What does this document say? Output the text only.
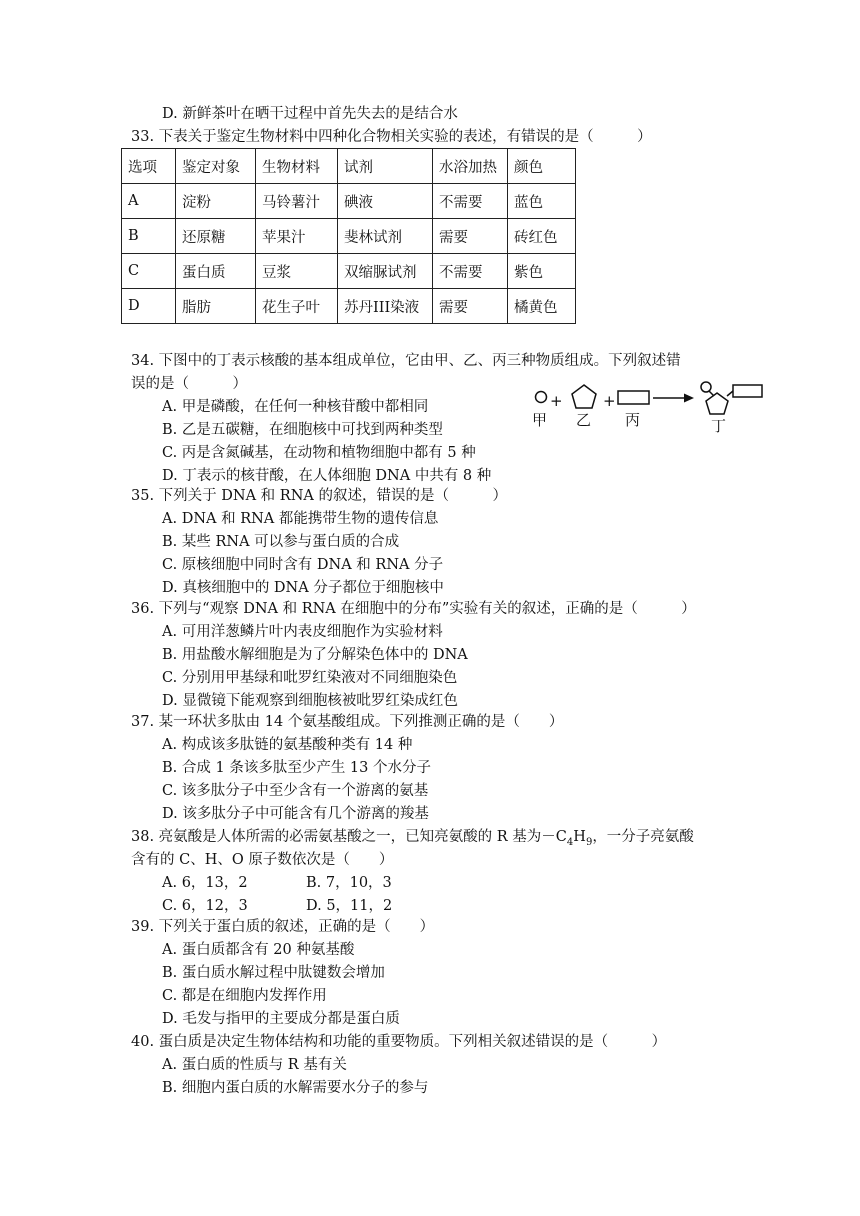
D. 新鲜茶叶在晒干过程中首先失去的是结合水
33. 下表关于鉴定生物材料中四种化合物相关实验的表述，有错误的是（　　　）
选项	鉴定对象	生物材料	试剂	水浴加热	颜色
A	淀粉	马铃薯汁	碘液	不需要	蓝色
B	还原糖	苹果汁	斐林试剂	需要	砖红色
C	蛋白质	豆浆	双缩脲试剂	不需要	紫色
D	脂肪	花生子叶	苏丹III染液	需要	橘黄色
34. 下图中的丁表示核酸的基本组成单位，它由甲、乙、丙三种物质组成。下列叙述错
误的是（　　　）
A. 甲是磷酸，在任何一种核苷酸中都相同
B. 乙是五碳糖，在细胞核中可找到两种类型
C. 丙是含氮碱基，在动物和植物细胞中都有 5 种
D. 丁表示的核苷酸，在人体细胞 DNA 中共有 8 种
甲
+
乙
+
丙	丁
35. 下列关于 DNA 和 RNA 的叙述，错误的是（　　　）
A. DNA 和 RNA 都能携带生物的遗传信息
B. 某些 RNA 可以参与蛋白质的合成
C. 原核细胞中同时含有 DNA 和 RNA 分子
D. 真核细胞中的 DNA 分子都位于细胞核中
36. 下列与“观察 DNA 和 RNA 在细胞中的分布”实验有关的叙述，正确的是（　　　）
A. 可用洋葱鳞片叶内表皮细胞作为实验材料
B. 用盐酸水解细胞是为了分解染色体中的 DNA
C. 分别用甲基绿和吡罗红染液对不同细胞染色
D. 显微镜下能观察到细胞核被吡罗红染成红色
37. 某一环状多肽由 14 个氨基酸组成。下列推测正确的是（　　）
A. 构成该多肽链的氨基酸种类有 14 种
B. 合成 1 条该多肽至少产生 13 个水分子
C. 该多肽分子中至少含有一个游离的氨基
D. 该多肽分子中可能含有几个游离的羧基
38. 亮氨酸是人体所需的必需氨基酸之一，已知亮氨酸的 R 基为$-C_4H_9$，一分子亮氨酸
含有的 C、H、O 原子数依次是（　　）
A. 6，13，2	B. 7，10，3
C. 6，12，3	D. 5，11，2
39. 下列关于蛋白质的叙述，正确的是（　　）
A. 蛋白质都含有 20 种氨基酸
B. 蛋白质水解过程中肽键数会增加
C. 都是在细胞内发挥作用
D. 毛发与指甲的主要成分都是蛋白质
40. 蛋白质是决定生物体结构和功能的重要物质。下列相关叙述错误的是（　　　）
A. 蛋白质的性质与 R 基有关
B. 细胞内蛋白质的水解需要水分子的参与
